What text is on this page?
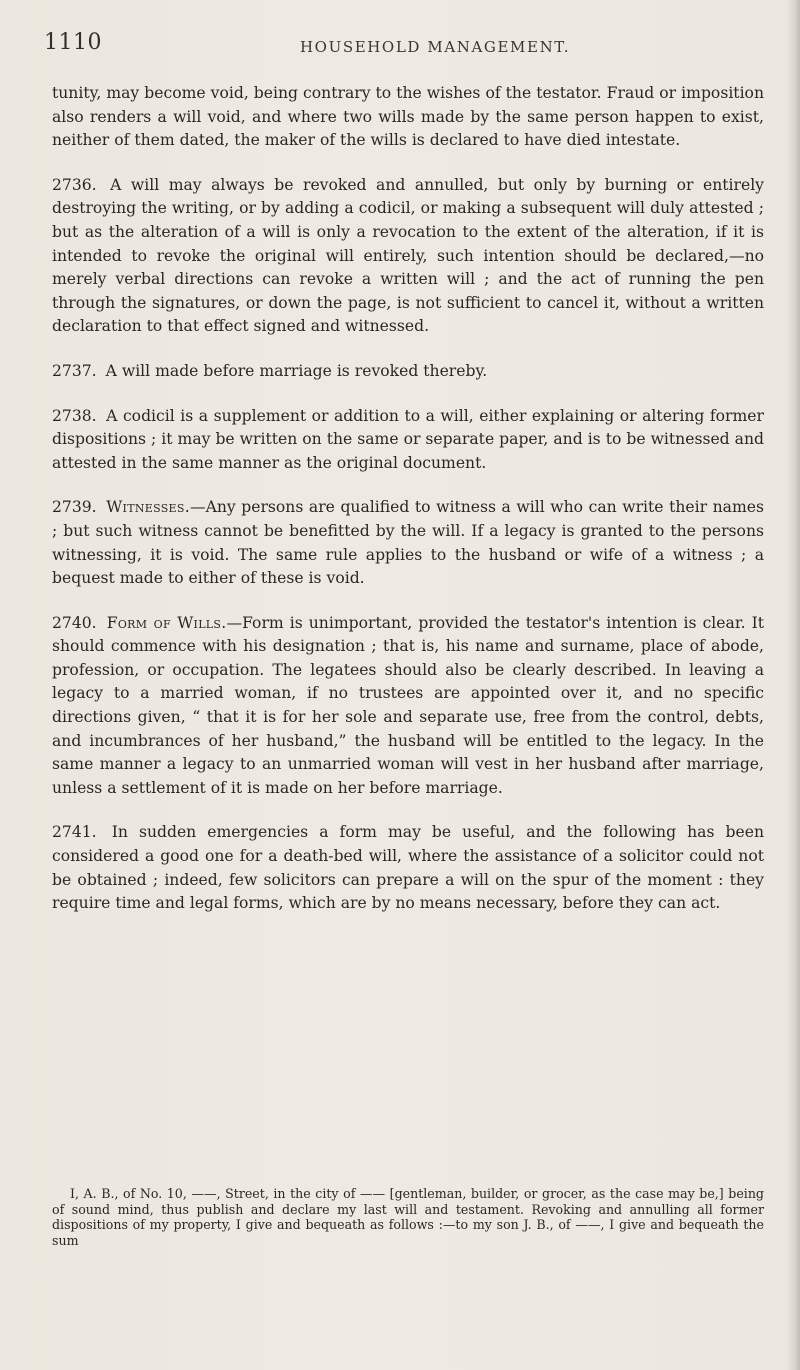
1110	HOUSEHOLD MANAGEMENT.

tunity, may become void, being contrary to the wishes of the testator. Fraud or imposition also renders a will void, and where two wills made by the same person happen to exist, neither of them dated, the maker of the wills is declared to have died intestate.

2736. A will may always be revoked and annulled, but only by burning or entirely destroying the writing, or by adding a codicil, or making a subsequent will duly attested ; but as the alteration of a will is only a revocation to the extent of the alteration, if it is intended to revoke the original will entirely, such intention should be declared,—no merely verbal directions can revoke a written will ; and the act of running the pen through the signatures, or down the page, is not sufficient to cancel it, without a written declaration to that effect signed and witnessed.

2737. A will made before marriage is revoked thereby.

2738. A codicil is a supplement or addition to a will, either explaining or altering former dispositions ; it may be written on the same or separate paper, and is to be witnessed and attested in the same manner as the original document.

2739. Witnesses.—Any persons are qualified to witness a will who can write their names ; but such witness cannot be benefitted by the will. If a legacy is granted to the persons witnessing, it is void. The same rule applies to the husband or wife of a witness ; a bequest made to either of these is void.

2740. Form of Wills.—Form is unimportant, provided the testator's intention is clear. It should commence with his designation ; that is, his name and surname, place of abode, profession, or occupation. The legatees should also be clearly described. In leaving a legacy to a married woman, if no trustees are appointed over it, and no specific directions given, “ that it is for her sole and separate use, free from the control, debts, and incumbrances of her husband,” the husband will be entitled to the legacy. In the same manner a legacy to an unmarried woman will vest in her husband after marriage, unless a settlement of it is made on her before marriage.

2741. In sudden emergencies a form may be useful, and the following has been considered a good one for a death-bed will, where the assistance of a solicitor could not be obtained ; indeed, few solicitors can prepare a will on the spur of the moment : they require time and legal forms, which are by no means necessary, before they can act.

I, A. B., of No. 10, ——, Street, in the city of —— [gentleman, builder, or grocer, as the case may be,] being of sound mind, thus publish and declare my last will and testament. Revoking and annulling all former dispositions of my property, I give and bequeath as follows :—to my son J. B., of ——, I give and bequeath the sum
